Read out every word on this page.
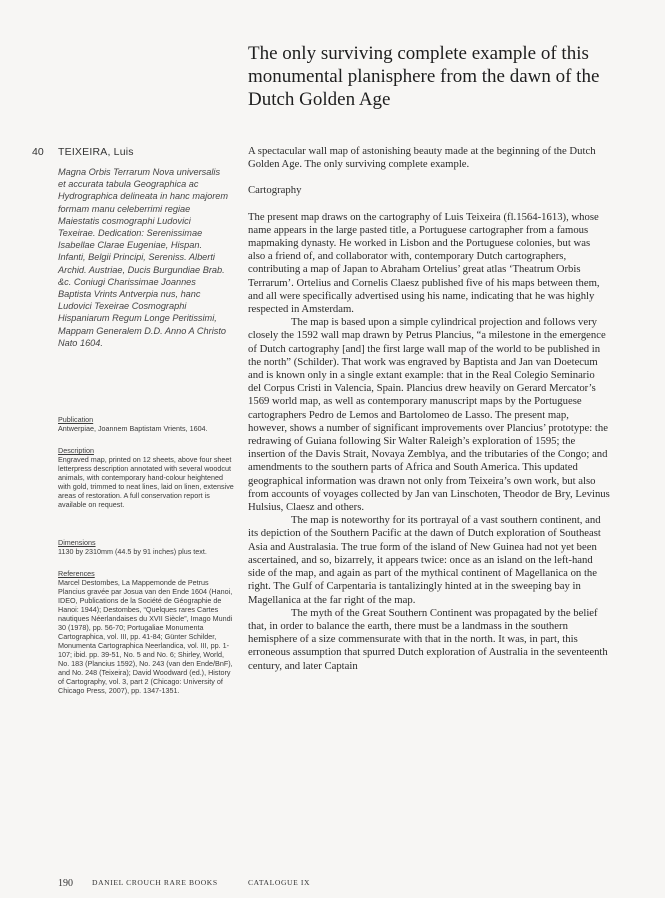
The only surviving complete example of this monumental planisphere from the dawn of the Dutch Golden Age
40 TEIXEIRA, Luis
Magna Orbis Terrarum Nova universalis et accurata tabula Geographica ac Hydrographica delineata in hanc majorem formam manu celeberrimi regiae Maiestatis cosmographi Ludovici Texeirae. Dedication: Serenissimae Isabellae Clarae Eugeniae, Hispan. Infanti, Belgii Principi, Sereniss. Alberti Archid. Austriae, Ducis Burgundiae Brab. &c. Coniugi Charissimae Joannes Baptista Vrints Antverpia nus, hanc Ludovici Texeirae Cosmographi Hispaniarum Regum Longe Peritissimi, Mappam Generalem D.D. Anno A Christo Nato 1604.
Publication
Antwerpiae, Joannem Baptistam Vrients, 1604.
Description
Engraved map, printed on 12 sheets, above four sheet letterpress description annotated with several woodcut animals, with contemporary hand-colour heightened with gold, trimmed to neat lines, laid on linen, extensive areas of restoration. A full conservation report is available on request.
Dimensions
1130 by 2310mm (44.5 by 91 inches) plus text.
References
Marcel Destombes, La Mappemonde de Petrus Plancius gravée par Josua van den Ende 1604 (Hanoi, IDEO, Publications de la Société de Géographie de Hanoi: 1944); Destombes, “Quelques rares Cartes nautiques Néerlandaises du XVII Siècle”, Imago Mundi 30 (1978), pp. 56-70; Portugaliae Monumenta Cartographica, vol. III, pp. 41-84; Günter Schilder, Monumenta Cartographica Neerlandica, vol. III, pp. 1-107; ibid. pp. 39-51, No. 5 and No. 6; Shirley, World, No. 183 (Plancius 1592), No. 243 (van den Ende/BnF), and No. 248 (Teixeira); David Woodward (ed.), History of Cartography, vol. 3, part 2 (Chicago: University of Chicago Press, 2007), pp. 1347-1351.

A spectacular wall map of astonishing beauty made at the beginning of the Dutch Golden Age. The only surviving complete example.

Cartography

The present map draws on the cartography of Luis Teixeira (fl.1564-1613), whose name appears in the large pasted title, a Portuguese cartographer from a famous mapmaking dynasty. He worked in Lisbon and the Portuguese colonies, but was also a friend of, and collaborator with, contemporary Dutch cartographers, contributing a map of Japan to Abraham Ortelius’ great atlas ‘Theatrum Orbis Terrarum’. Ortelius and Cornelis Claesz published five of his maps between them, and all were specifically advertised using his name, indicating that he was highly respected in Amsterdam.

The map is based upon a simple cylindrical projection and follows very closely the 1592 wall map drawn by Petrus Plancius, “a milestone in the emergence of Dutch cartography [and] the first large wall map of the world to be published in the north” (Schilder). That work was engraved by Baptista and Jan van Doetecum and is known only in a single extant example: that in the Real Colegio Seminario del Corpus Cristi in Valencia, Spain. Plancius drew heavily on Gerard Mercator’s 1569 world map, as well as contemporary manuscript maps by the Portuguese cartographers Pedro de Lemos and Bartolomeo de Lasso. The present map, however, shows a number of significant improvements over Plancius’ prototype: the redrawing of Guiana following Sir Walter Raleigh’s exploration of 1595; the insertion of the Davis Strait, Novaya Zemblya, and the tributaries of the Congo; and amendments to the southern parts of Africa and South America. This updated geographical information was drawn not only from Teixeira’s own work, but also from accounts of voyages collected by Jan van Linschoten, Theodor de Bry, Levinus Hulsius, Claesz and others.

The map is noteworthy for its portrayal of a vast southern continent, and its depiction of the Southern Pacific at the dawn of Dutch exploration of Southeast Asia and Australasia. The true form of the island of New Guinea had not yet been ascertained, and so, bizarrely, it appears twice: once as an island on the left-hand side of the map, and again as part of the mythical continent of Magellanica on the right. The Gulf of Carpentaria is tantalizingly hinted at in the sweeping bay in Magellanica at the far right of the map.

The myth of the Great Southern Continent was propagated by the belief that, in order to balance the earth, there must be a landmass in the southern hemisphere of a size commensurate with that in the north. It was, in part, this erroneous assumption that spurred Dutch exploration of Australia in the seventeenth century, and later Captain

190	DANIEL CROUCH RARE BOOKS	CATALOGUE IX
